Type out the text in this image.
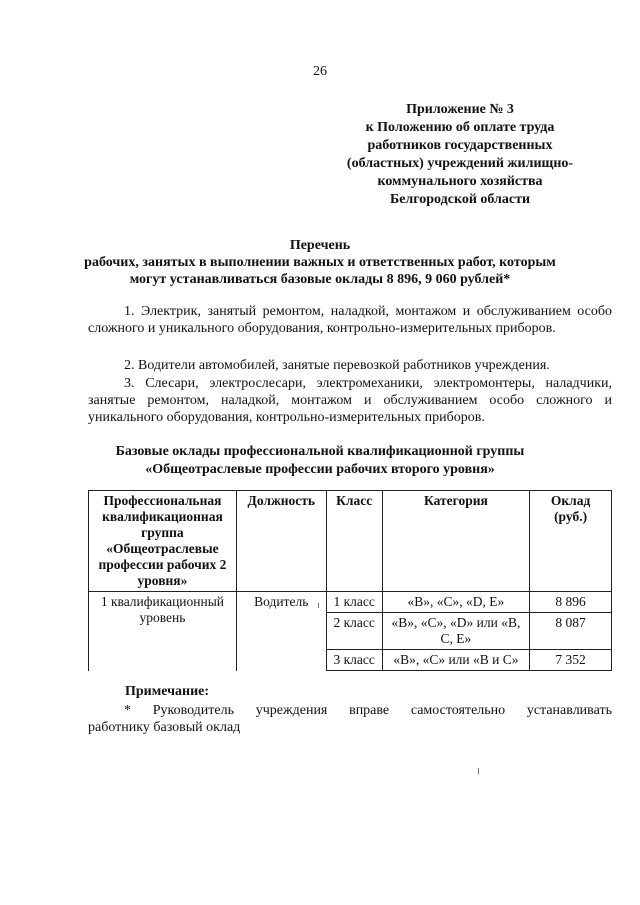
26
Приложение № 3
к Положению об оплате труда
работников государственных
(областных) учреждений жилищно-
коммунального хозяйства
Белгородской области
Перечень
рабочих, занятых в выполнении важных и ответственных работ, которым
могут устанавливаться базовые оклады 8 896, 9 060 рублей*
1. Электрик, занятый ремонтом, наладкой, монтажом и обслуживанием особо сложного и уникального оборудования, контрольно-измерительных приборов.
2. Водители автомобилей, занятые перевозкой работников учреждения.
3. Слесари, электрослесари, электромеханики, электромонтеры, наладчики, занятые ремонтом, наладкой, монтажом и обслуживанием особо сложного и уникального оборудования, контрольно-измерительных приборов.
Базовые оклады профессиональной квалификационной группы
«Общеотраслевые профессии рабочих второго уровня»
Профессиональная квалификационная группа «Общеотраслевые профессии рабочих 2 уровня»	Должность	Класс	Категория	Оклад (руб.)
1 квалификационный уровень	Водитель	1 класс	«В», «С», «D, Е»	8 896
		2 класс	«В», «С», «D» или «В, С, Е»	8 087
		3 класс	«В», «С» или «В и С»	7 352
Примечание:
* Руководитель учреждения вправе самостоятельно устанавливать
работнику базовый оклад
